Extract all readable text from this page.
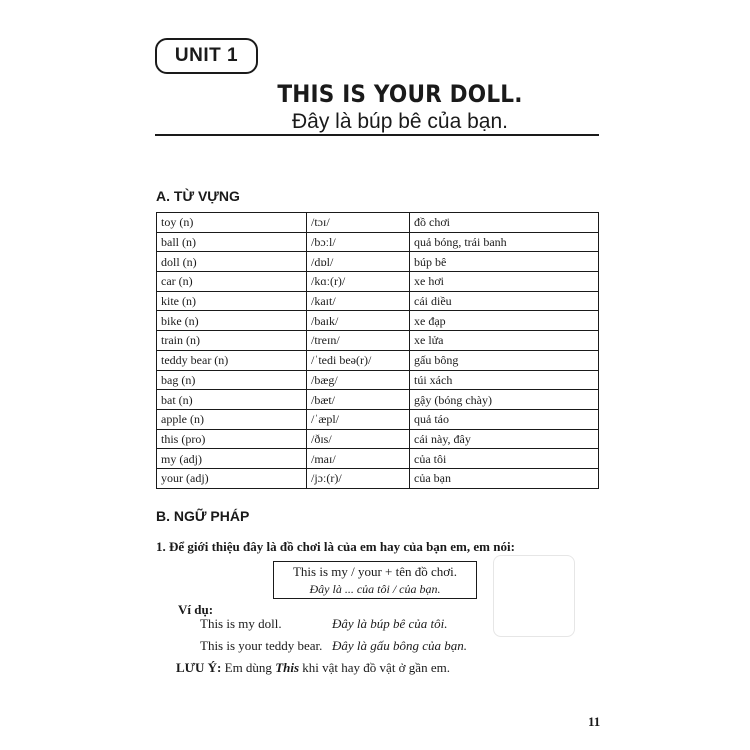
UNIT 1
THIS IS YOUR DOLL.
Đây là búp bê của bạn.
A. TỪ VỰNG
toy (n)	/tɔɪ/	đồ chơi
ball (n)	/bɔːl/	quả bóng, trái banh
doll (n)	/dɒl/	búp bê
car (n)	/kɑː(r)/	xe hơi
kite (n)	/kaɪt/	cái diều
bike (n)	/baɪk/	xe đạp
train (n)	/treɪn/	xe lửa
teddy bear (n)	/ˈtedi beə(r)/	gấu bông
bag (n)	/bæg/	túi xách
bat (n)	/bæt/	gậy (bóng chày)
apple (n)	/ˈæpl/	quả táo
this (pro)	/ðɪs/	cái này, đây
my (adj)	/maɪ/	của tôi
your (adj)	/jɔː(r)/	của bạn
B. NGỮ PHÁP
1. Để giới thiệu đây là đồ chơi là của em hay của bạn em, em nói:
This is my / your + tên đồ chơi.
Đây là ... của tôi / của bạn.
Ví dụ:
This is my doll.	Đây là búp bê của tôi.
This is your teddy bear. Đây là gấu bông của bạn.
LƯU Ý: Em dùng This khi vật hay đồ vật ở gần em.
11
